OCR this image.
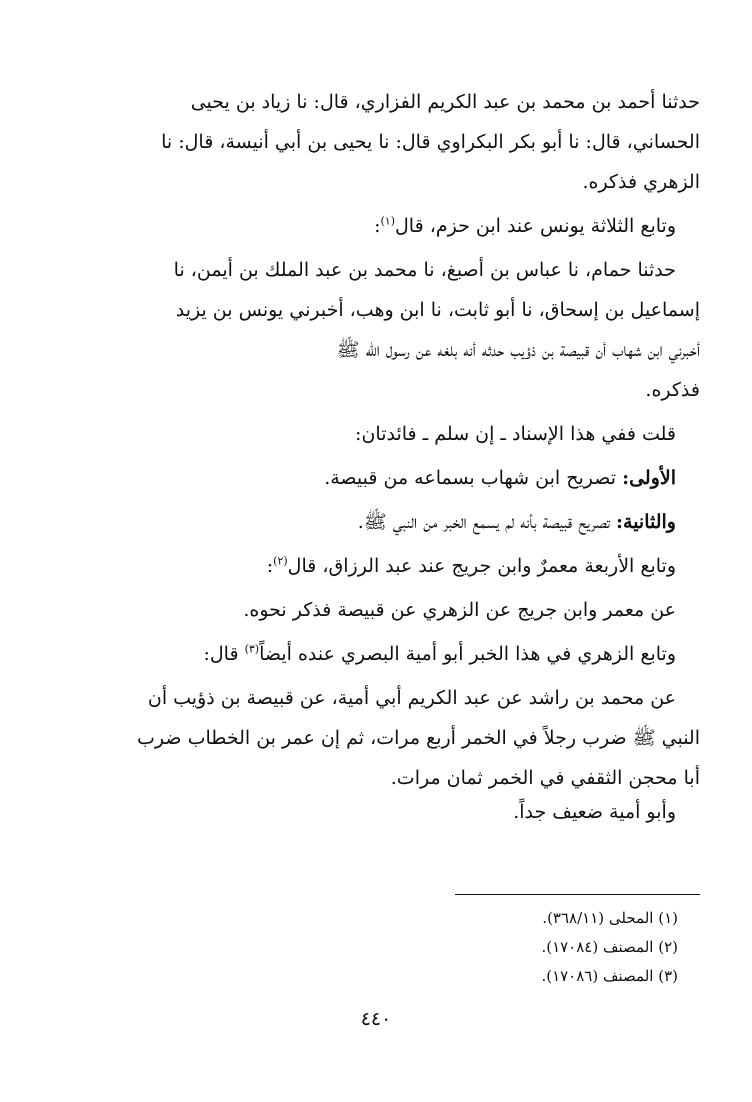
حدثنا أحمد بن محمد بن عبد الكريم الفزاري، قال: نا زياد بن يحيى
الحساني، قال: نا أبو بكر البكراوي قال: نا يحيى بن أبي أنيسة، قال: نا
الزهري فذكره.
وتابع الثلاثة يونس عند ابن حزم، قال$^{(١)}$:
حدثنا حمام، نا عباس بن أصبغ، نا محمد بن عبد الملك بن أيمن، نا
إسماعيل بن إسحاق، نا أبو ثابت، نا ابن وهب، أخبرني يونس بن يزيد
أخبرني ابن شهاب أن قبيصة بن ذؤيب حدثه أنه بلغه عن رسول الله ﷺ
فذكره.
قلت ففي هذا الإسناد ـ إن سلم ـ فائدتان:
الأولى: تصريح ابن شهاب بسماعه من قبيصة.
والثانية: تصريح قبيصة بأنه لم يسمع الخبر من النبي ﷺ.
وتابع الأربعة معمرٌ وابن جريج عند عبد الرزاق، قال$^{(٢)}$:
عن معمر وابن جريج عن الزهري عن قبيصة فذكر نحوه.
وتابع الزهري في هذا الخبر أبو أمية البصري عنده أيضاً$^{(٣)}$ قال:
عن محمد بن راشد عن عبد الكريم أبي أمية، عن قبيصة بن ذؤيب أن
النبي ﷺ ضرب رجلاً في الخمر أربع مرات، ثم إن عمر بن الخطاب ضرب
أبا محجن الثقفي في الخمر ثمان مرات.
وأبو أمية ضعيف جداً.
(١) المحلى (٣٦٨/١١).
(٢) المصنف (١٧٠٨٤).
(٣) المصنف (١٧٠٨٦).
٤٤٠
